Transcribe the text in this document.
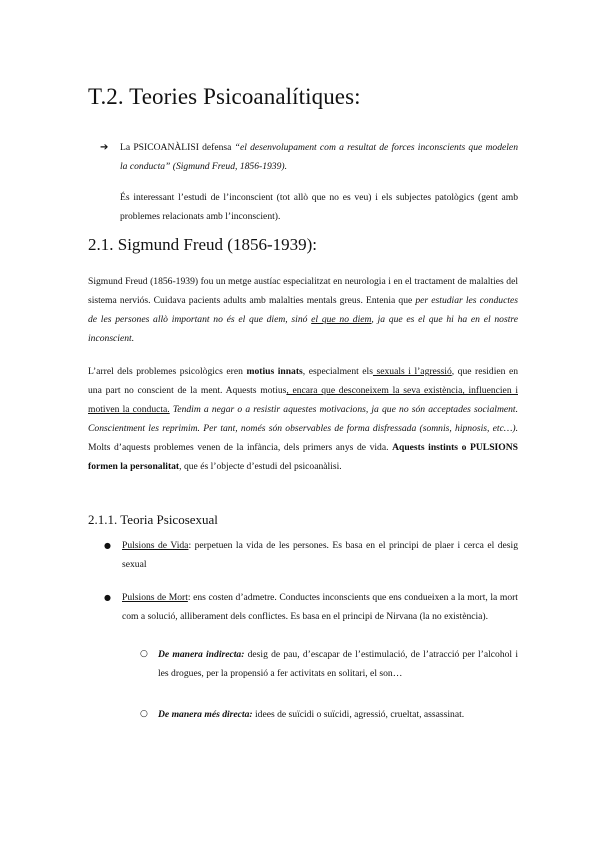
T.2. Teories Psicoanalítiques:
➔ La PSICOANÀLISI defensa “el desenvolupament com a resultat de forces inconscients que modelen la conducta” (Sigmund Freud, 1856-1939).
És interessant l’estudi de l’inconscient (tot allò que no es veu) i els subjectes patològics (gent amb problemes relacionats amb l’inconscient).
2.1. Sigmund Freud (1856-1939):
Sigmund Freud (1856-1939) fou un metge austíac especialitzat en neurologia i en el tractament de malalties del sistema nerviós. Cuidava pacients adults amb malalties mentals greus. Entenia que per estudiar les conductes de les persones allò important no és el que diem, sinó el que no diem, ja que es el que hi ha en el nostre inconscient.
L’arrel dels problemes psicològics eren motius innats, especialment els sexuals i l’agressió, que residien en una part no conscient de la ment. Aquests motius, encara que desconeixem la seva existència, influencien i motiven la conducta. Tendim a negar o a resistir aquestes motivacions, ja que no són acceptades socialment. Conscientment les reprimim. Per tant, només són observables de forma disfressada (somnis, hipnosis, etc…). Molts d’aquests problemes venen de la infància, dels primers anys de vida. Aquests instints o PULSIONS formen la personalitat, que és l’objecte d’estudi del psicoanàlisi.
2.1.1. Teoria Psicosexual
● Pulsions de Vida: perpetuen la vida de les persones. Es basa en el principi de plaer i cerca el desig sexual
● Pulsions de Mort: ens costen d’admetre. Conductes inconscients que ens condueixen a la mort, la mort com a solució, alliberament dels conflictes. Es basa en el principi de Nirvana (la no existència).
○ De manera indirecta: desig de pau, d’escapar de l’estimulació, de l’atracció per l’alcohol i les drogues, per la propensió a fer activitats en solitari, el son…
○ De manera més directa: idees de suïcidi o suïcidi, agressió, crueltat, assassinat.
